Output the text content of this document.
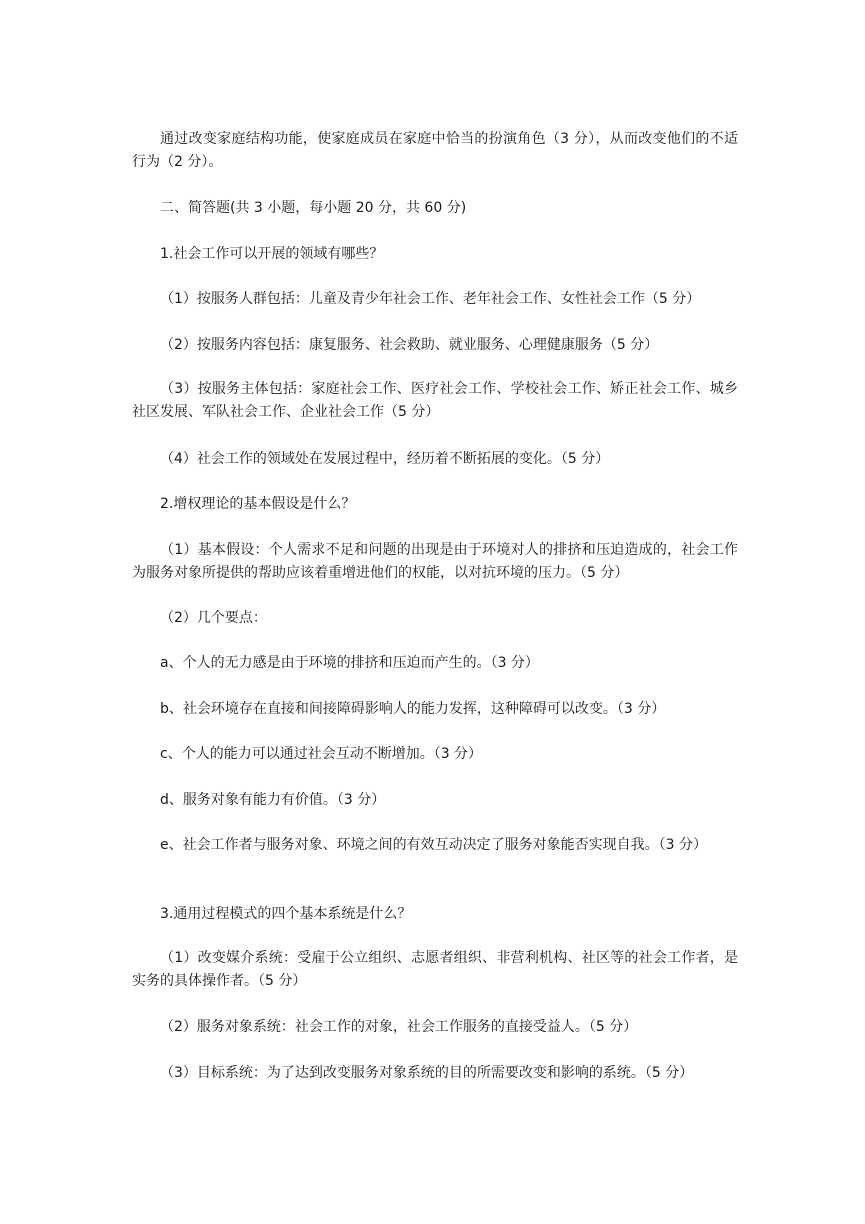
通过改变家庭结构功能，使家庭成员在家庭中恰当的扮演角色（3 分），从而改变他们的不适行为（2 分）。

二、简答题(共 3 小题，每小题 20 分，共 60 分)

1.社会工作可以开展的领域有哪些？

（1）按服务人群包括：儿童及青少年社会工作、老年社会工作、女性社会工作（5 分）

（2）按服务内容包括：康复服务、社会救助、就业服务、心理健康服务（5 分）

（3）按服务主体包括：家庭社会工作、医疗社会工作、学校社会工作、矫正社会工作、城乡社区发展、军队社会工作、企业社会工作（5 分）

（4）社会工作的领域处在发展过程中，经历着不断拓展的变化。（5 分）

2.增权理论的基本假设是什么？

（1）基本假设：个人需求不足和问题的出现是由于环境对人的排挤和压迫造成的，社会工作为服务对象所提供的帮助应该着重增进他们的权能，以对抗环境的压力。（5 分）

（2）几个要点：

a、个人的无力感是由于环境的排挤和压迫而产生的。（3 分）

b、社会环境存在直接和间接障碍影响人的能力发挥，这种障碍可以改变。（3 分）

c、个人的能力可以通过社会互动不断增加。（3 分）

d、服务对象有能力有价值。（3 分）

e、社会工作者与服务对象、环境之间的有效互动决定了服务对象能否实现自我。（3 分）

3.通用过程模式的四个基本系统是什么？

（1）改变媒介系统：受雇于公立组织、志愿者组织、非营利机构、社区等的社会工作者，是实务的具体操作者。（5 分）

（2）服务对象系统：社会工作的对象，社会工作服务的直接受益人。（5 分）

（3）目标系统：为了达到改变服务对象系统的目的所需要改变和影响的系统。（5 分）
